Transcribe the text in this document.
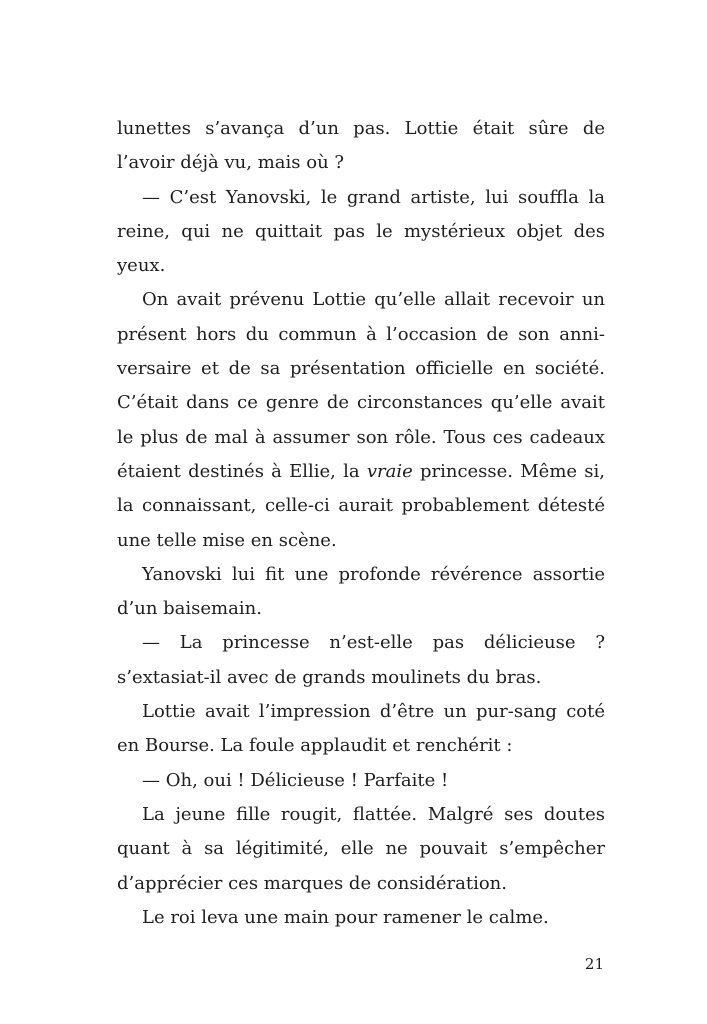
lunettes s’avança d’un pas. Lottie était sûre de l’avoir déjà vu, mais où ?

— C’est Yanovski, le grand artiste, lui souffla la reine, qui ne quittait pas le mystérieux objet des yeux.

On avait prévenu Lottie qu’elle allait recevoir un présent hors du commun à l’occasion de son anniversaire et de sa présentation officielle en société. C’était dans ce genre de circonstances qu’elle avait le plus de mal à assumer son rôle. Tous ces cadeaux étaient destinés à Ellie, la vraie princesse. Même si, la connaissant, celle-ci aurait probablement détesté une telle mise en scène.

Yanovski lui fit une profonde révérence assortie d’un baisemain.

— La princesse n’est-elle pas délicieuse ? s’extasiat-il avec de grands moulinets du bras.

Lottie avait l’impression d’être un pur-sang coté en Bourse. La foule applaudit et renchérit :

— Oh, oui ! Délicieuse ! Parfaite !

La jeune fille rougit, flattée. Malgré ses doutes quant à sa légitimité, elle ne pouvait s’empêcher d’apprécier ces marques de considération.

Le roi leva une main pour ramener le calme.

21
